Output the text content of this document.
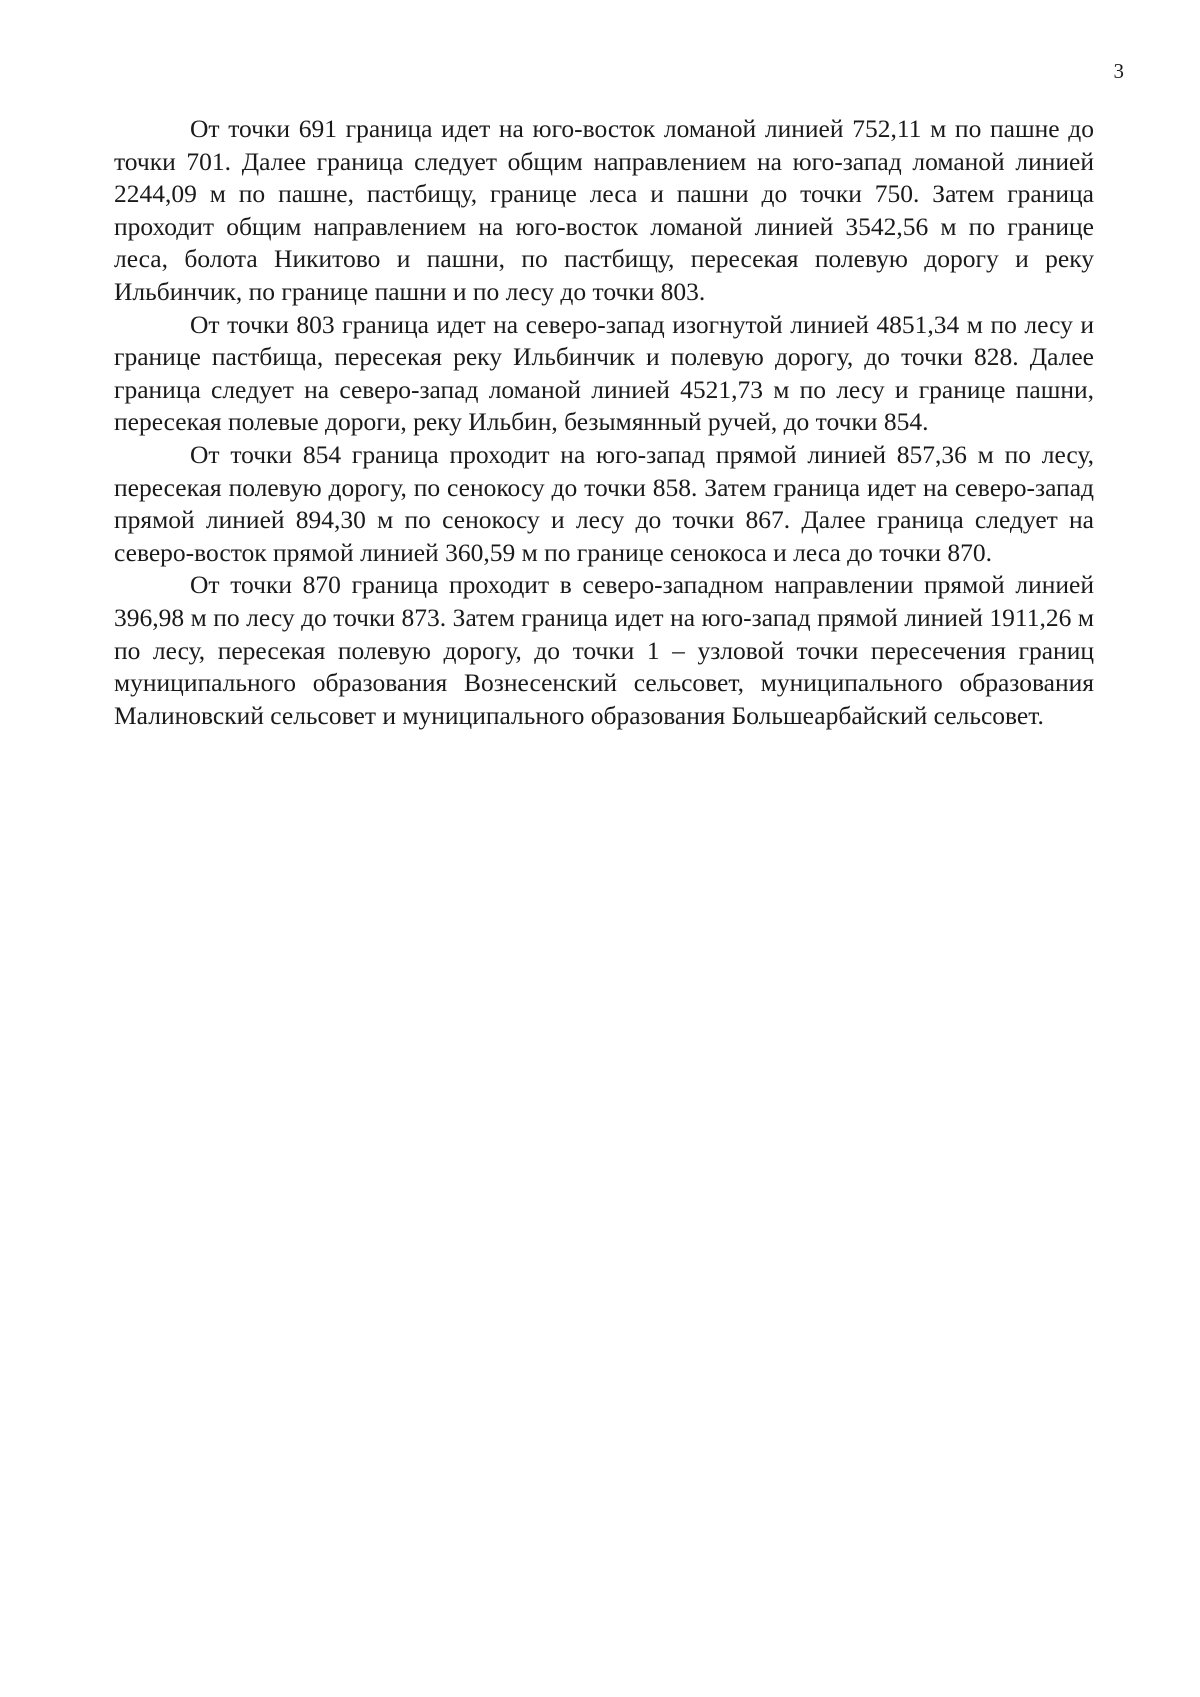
3

От точки 691 граница идет на юго-восток ломаной линией 752,11 м по пашне до точки 701. Далее граница следует общим направлением на юго-запад ломаной линией 2244,09 м по пашне, пастбищу, границе леса и пашни до точки 750. Затем граница проходит общим направлением на юго-восток ломаной линией 3542,56 м по границе леса, болота Никитово и пашни, по пастбищу, пересекая полевую дорогу и реку Ильбинчик, по границе пашни и по лесу до точки 803.

От точки 803 граница идет на северо-запад изогнутой линией 4851,34 м по лесу и границе пастбища, пересекая реку Ильбинчик и полевую дорогу, до точки 828. Далее граница следует на северо-запад ломаной линией 4521,73 м по лесу и границе пашни, пересекая полевые дороги, реку Ильбин, безымянный ручей, до точки 854.

От точки 854 граница проходит на юго-запад прямой линией 857,36 м по лесу, пересекая полевую дорогу, по сенокосу до точки 858. Затем граница идет на северо-запад прямой линией 894,30 м по сенокосу и лесу до точки 867. Далее граница следует на северо-восток прямой линией 360,59 м по границе сенокоса и леса до точки 870.

От точки 870 граница проходит в северо-западном направлении прямой линией 396,98 м по лесу до точки 873. Затем граница идет на юго-запад прямой линией 1911,26 м по лесу, пересекая полевую дорогу, до точки 1 – узловой точки пересечения границ муниципального образования Вознесенский сельсовет, муниципального образования Малиновский сельсовет и муниципального образования Большеарбайский сельсовет.
